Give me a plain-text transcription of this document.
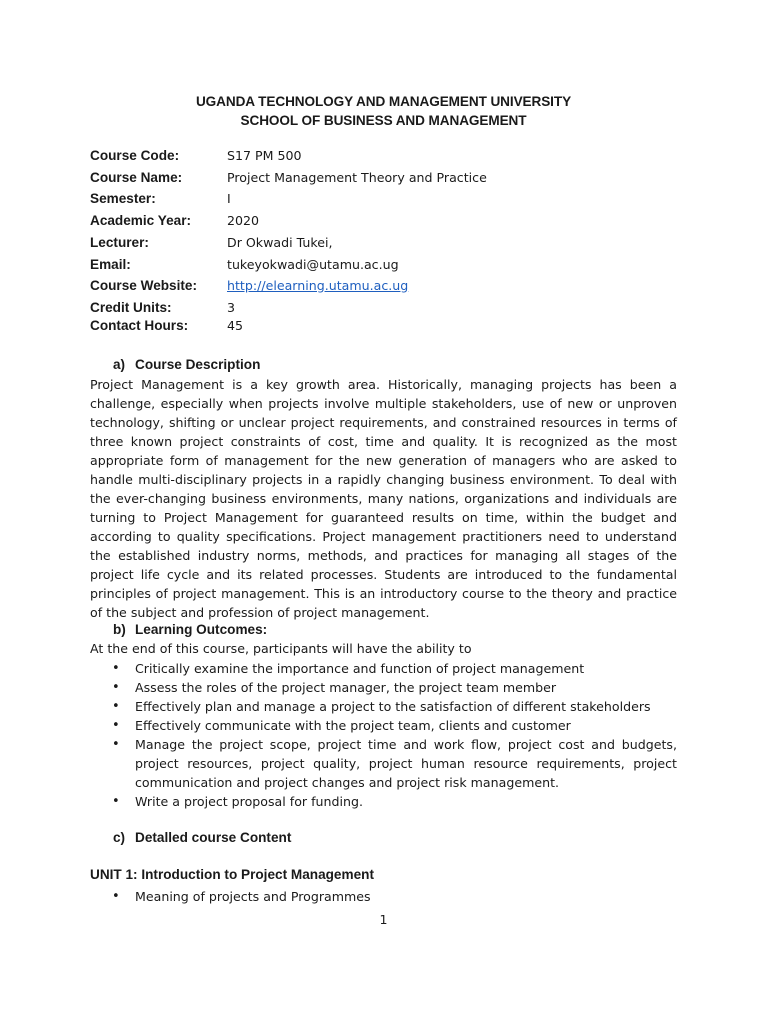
UGANDA TECHNOLOGY AND MANAGEMENT UNIVERSITY
SCHOOL OF BUSINESS AND MANAGEMENT
Course Code:	S17 PM 500
Course Name:	Project Management Theory and Practice
Semester:	I
Academic Year:	2020
Lecturer:	Dr Okwadi Tukei,
Email:	tukeyokwadi@utamu.ac.ug
Course Website:	http://elearning.utamu.ac.ug
Credit Units:	3
Contact Hours:	45
a) Course Description

Project Management is a key growth area. Historically, managing projects has been a challenge, especially when projects involve multiple stakeholders, use of new or unproven technology, shifting or unclear project requirements, and constrained resources in terms of three known project constraints of cost, time and quality. It is recognized as the most appropriate form of management for the new generation of managers who are asked to handle multi-disciplinary projects in a rapidly changing business environment. To deal with the ever-changing business environments, many nations, organizations and individuals are turning to Project Management for guaranteed results on time, within the budget and according to quality specifications. Project management practitioners need to understand the established industry norms, methods, and practices for managing all stages of the project life cycle and its related processes. Students are introduced to the fundamental principles of project management. This is an introductory course to the theory and practice of the subject and profession of project management.

b) Learning Outcomes:
At the end of this course, participants will have the ability to
• Critically examine the importance and function of project management
• Assess the roles of the project manager, the project team member
• Effectively plan and manage a project to the satisfaction of different stakeholders
• Effectively communicate with the project team, clients and customer
• Manage the project scope, project time and work flow, project cost and budgets, project resources, project quality, project human resource requirements, project communication and project changes and project risk management.
• Write a project proposal for funding.
c) Detalled course Content
UNIT 1: Introduction to Project Management
• Meaning of projects and Programmes
1
